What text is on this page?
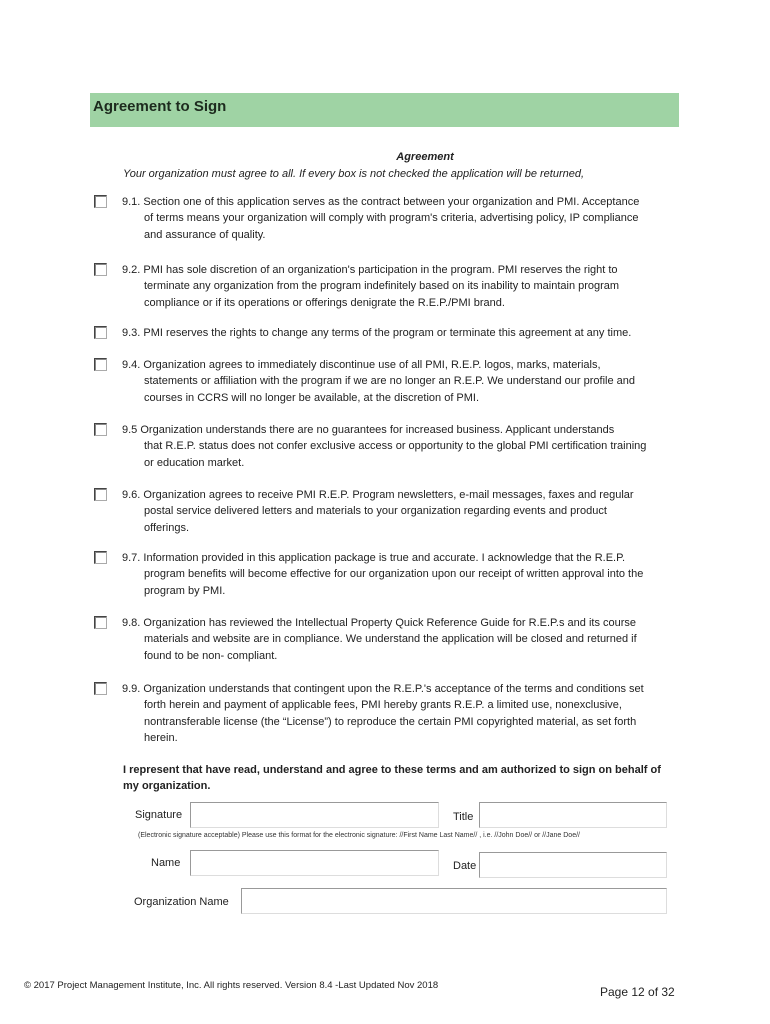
Agreement to Sign
Agreement
Your organization must agree to all. If every box is not checked the application will be returned,
9.1. Section one of this application serves as the contract between your organization and PMI. Acceptance
of terms means your organization will comply with program's criteria, advertising policy, IP compliance
and assurance of quality.
9.2. PMI has sole discretion of an organization's participation in the program. PMI reserves the right to
terminate any organization from the program indefinitely based on its inability to maintain program
compliance or if its operations or offerings denigrate the R.E.P./PMI brand.
9.3. PMI reserves the rights to change any terms of the program or terminate this agreement at any time.
9.4. Organization agrees to immediately discontinue use of all PMI, R.E.P. logos, marks, materials,
statements or affiliation with the program if we are no longer an R.E.P. We understand our profile and
courses in CCRS will no longer be available, at the discretion of PMI.
9.5 Organization understands there are no guarantees for increased business. Applicant understands
that R.E.P. status does not confer exclusive access or opportunity to the global PMI certification training
or education market.
9.6. Organization agrees to receive PMI R.E.P. Program newsletters, e-mail messages, faxes and regular
postal service delivered letters and materials to your organization regarding events and product
offerings.
9.7. Information provided in this application package is true and accurate. I acknowledge that the R.E.P.
program benefits will become effective for our organization upon our receipt of written approval into the
program by PMI.
9.8. Organization has reviewed the Intellectual Property Quick Reference Guide for R.E.P.s and its course
materials and website are in compliance. We understand the application will be closed and returned if
found to be non- compliant.
9.9. Organization understands that contingent upon the R.E.P.'s acceptance of the terms and conditions set
forth herein and payment of applicable fees, PMI hereby grants R.E.P. a limited use, nonexclusive,
nontransferable license (the “License”) to reproduce the certain PMI copyrighted material, as set forth
herein.
I represent that have read, understand and agree to these terms and am authorized to sign on behalf of my organization.
Signature	Title
(Electronic signature acceptable) Please use this format for the electronic signature: //First Name Last Name// , i.e. //John Doe// or //Jane Doe//
Name	Date
Organization Name
© 2017 Project Management Institute, Inc. All rights reserved. Version 8.4 -Last Updated Nov 2018	Page 12 of 32
